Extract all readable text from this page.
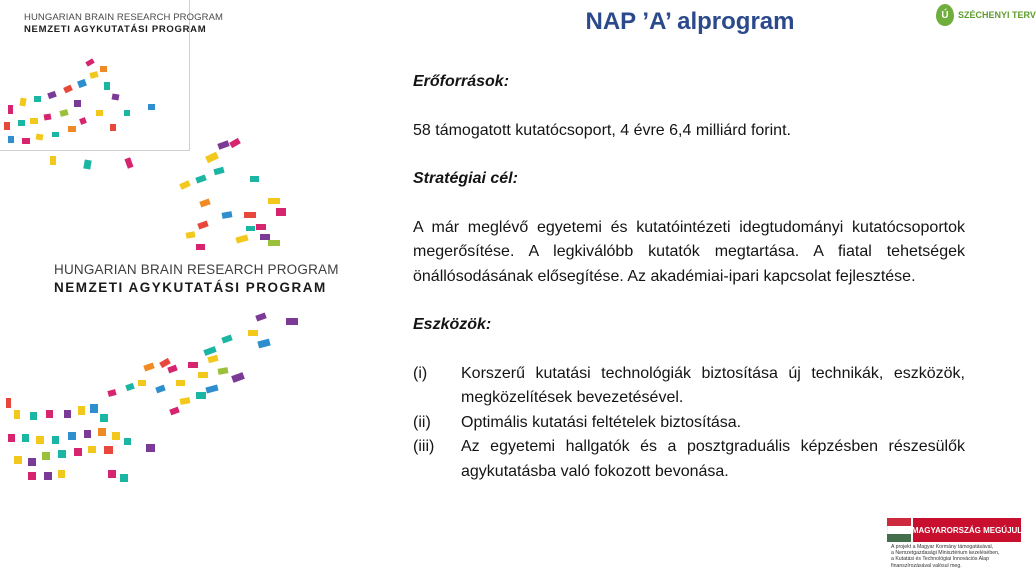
HUNGARIAN BRAIN RESEARCH PROGRAM
NEMZETI AGYKUTATÁSI PROGRAM
HUNGARIAN BRAIN RESEARCH PROGRAM
NEMZETI AGYKUTATÁSI PROGRAM
Ú	SZÉCHENYI TERV
NAP ’A’ alprogram

Erőforrások:

58 támogatott kutatócsoport, 4 évre 6,4 milliárd forint.

Stratégiai cél:

A már meglévő egyetemi és kutatóintézeti idegtudományi kutatócsoportok megerősítése. A legkiválóbb kutatók megtartása. A fiatal tehetségek önállósodásának elősegítése. Az akadémiai-ipari kapcsolat fejlesztése.

Eszközök:

(i)	Korszerű kutatási technológiák biztosítása új technikák, eszközök, megközelítések bevezetésével.
(ii)	Optimális kutatási feltételek biztosítása.
(iii)	Az egyetemi hallgatók és a posztgraduális képzésben részesülők agykutatásba való fokozott bevonása.
MAGYARORSZÁG MEGÚJUL
A projekt a Magyar Kormány támogatásával,
a Nemzetgazdasági Minisztérium kezelésében,
a Kutatási és Technológiai Innovációs Alap
finanszírozásával valósul meg.
